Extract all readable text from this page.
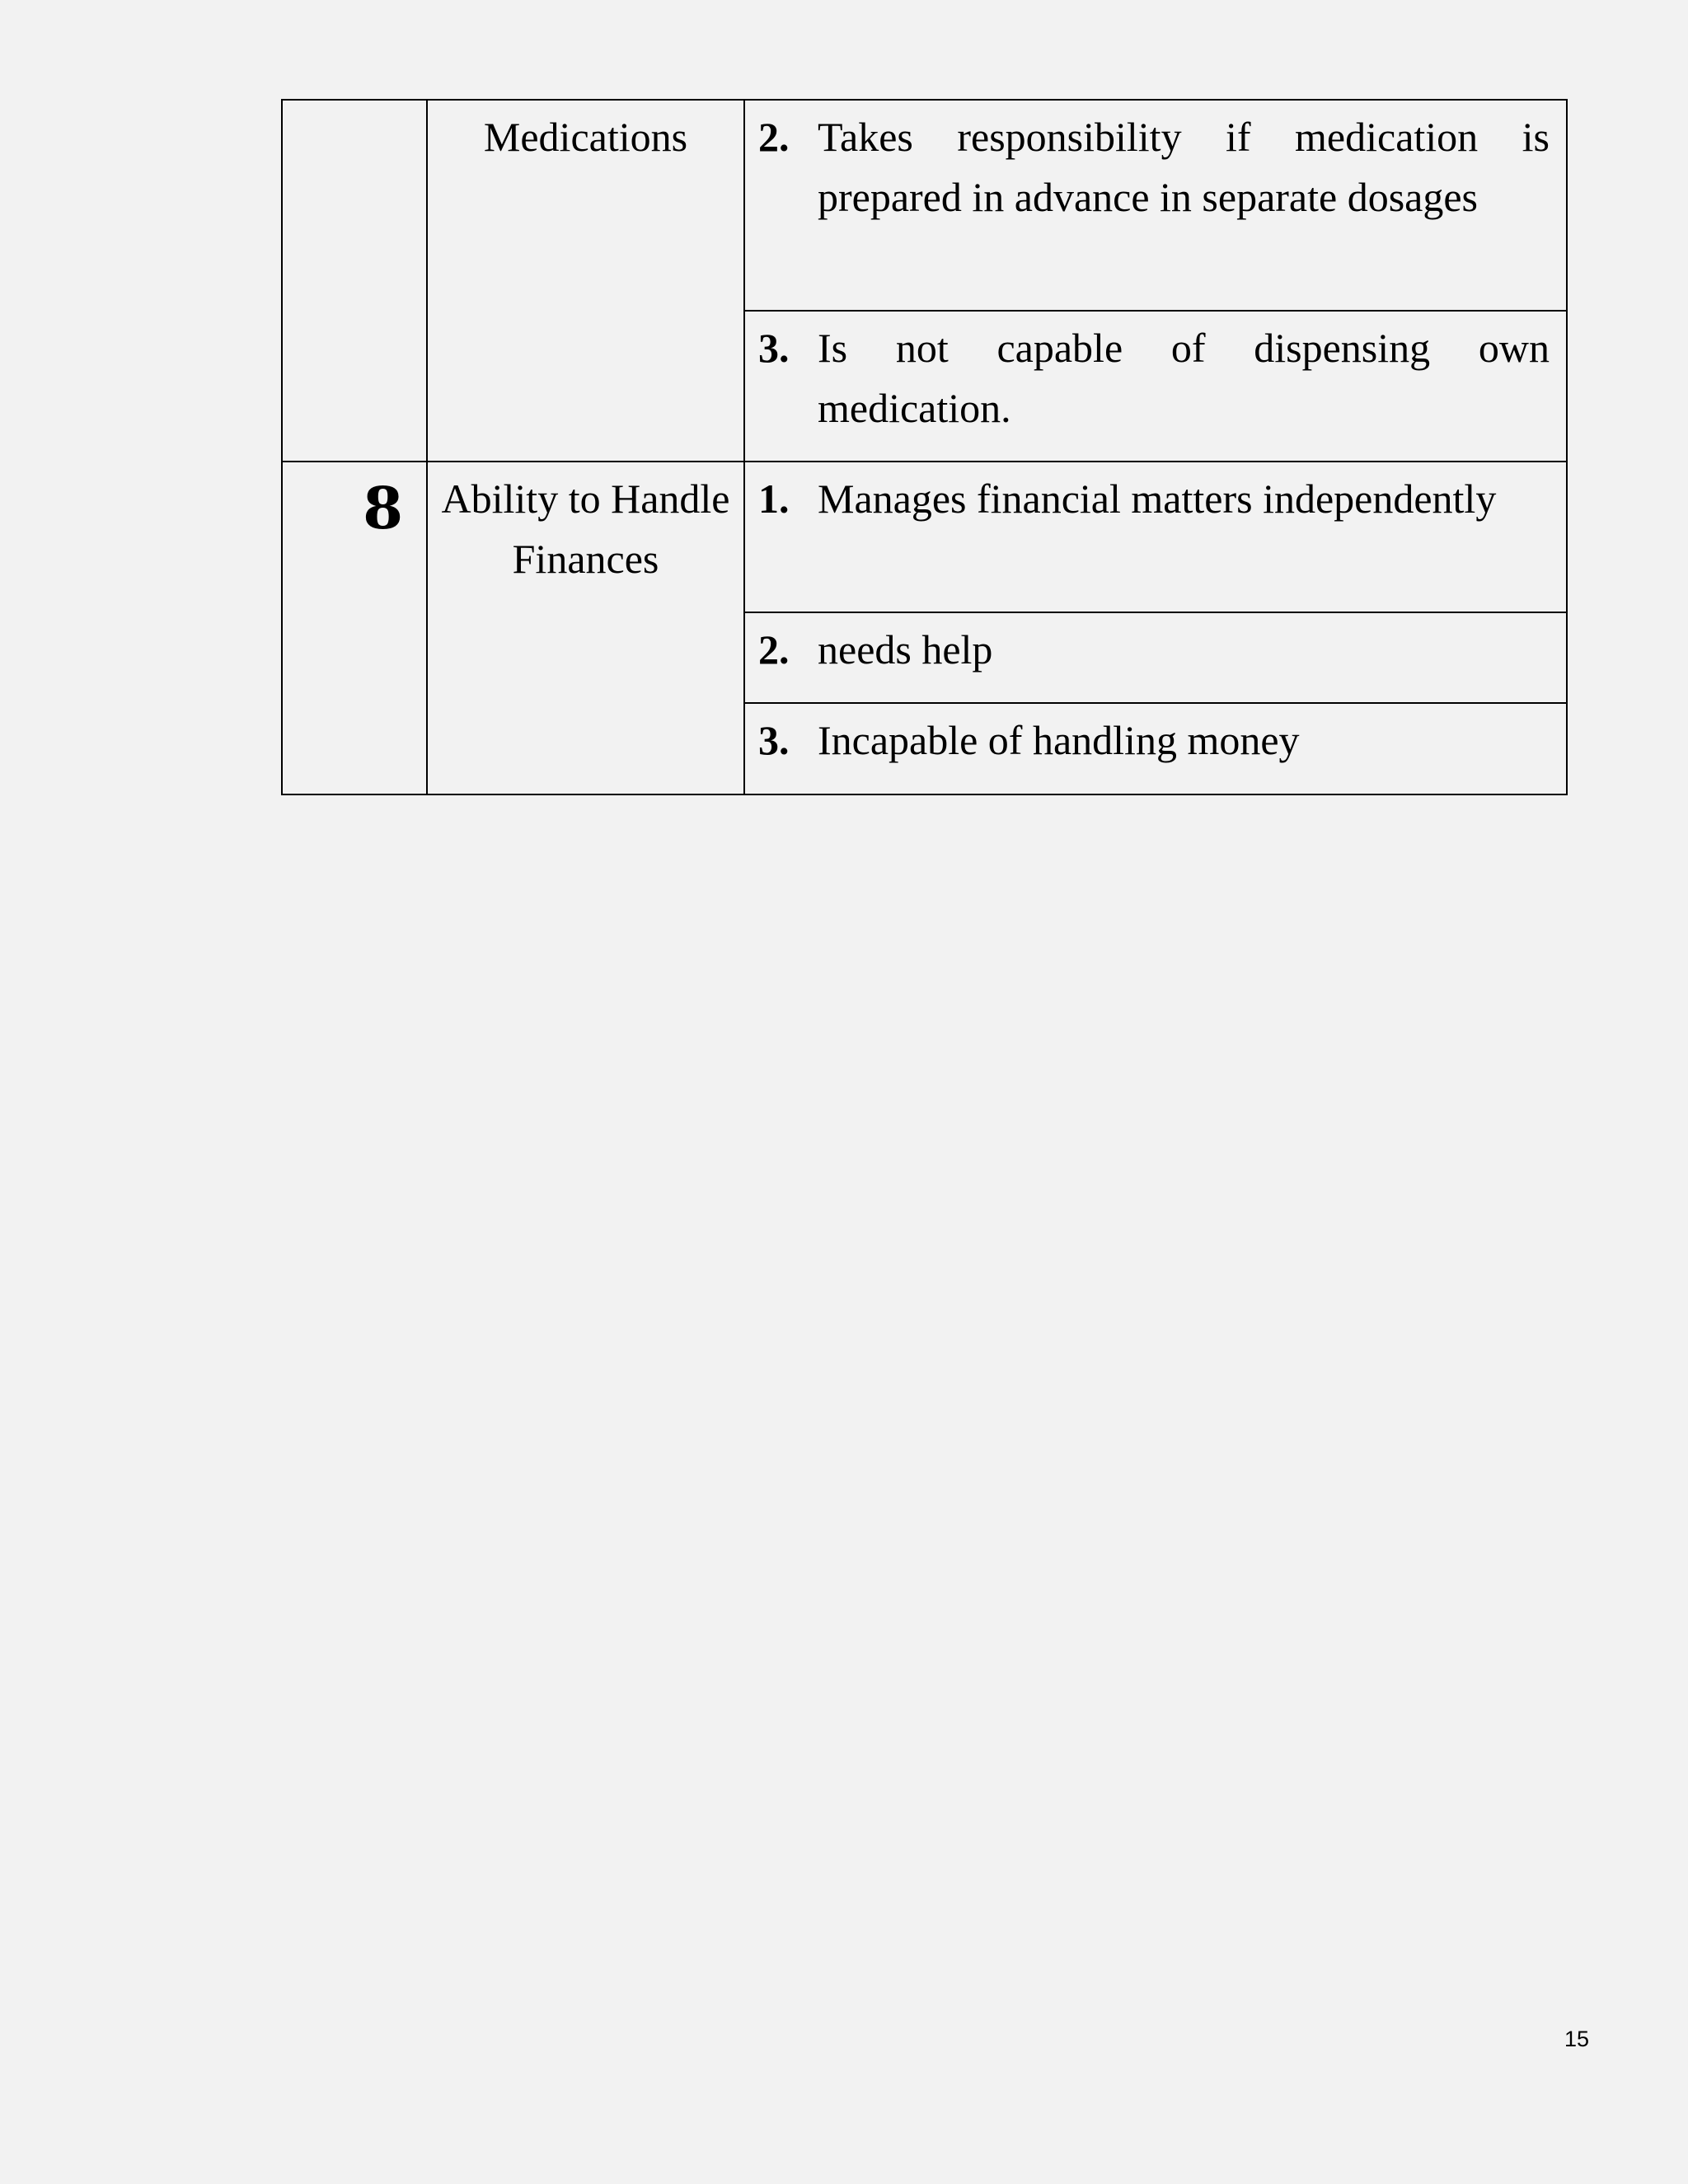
	Medications	2. Takes responsibility if medication is prepared in advance in separate dosages

		3. Is not capable of dispensing own medication.

8	Ability to Handle Finances	1. Manages financial matters independently

		2. needs help

		3. Incapable of handling money
15
